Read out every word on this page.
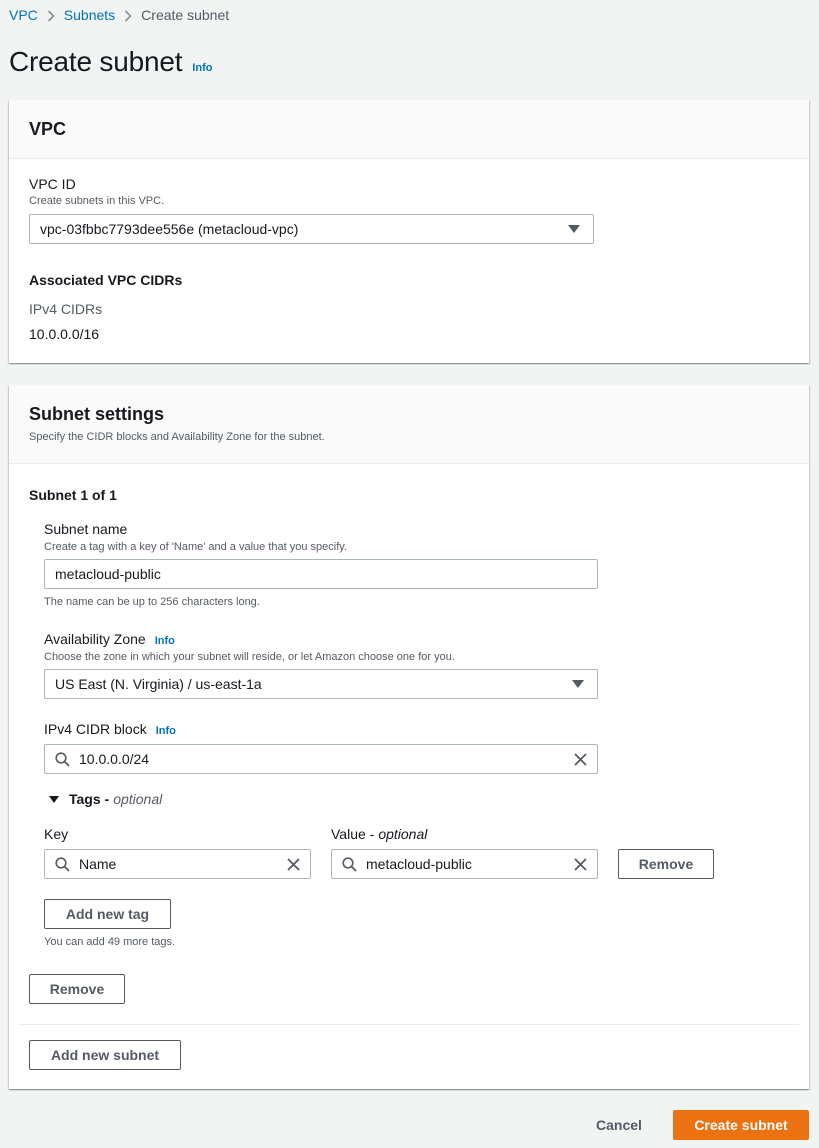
VPC Subnets Create subnet
Create subnet Info
VPC
VPC ID
Create subnets in this VPC.
vpc-03fbbc7793dee556e (metacloud-vpc)
Associated VPC CIDRs
IPv4 CIDRs
10.0.0.0/16
Subnet settings
Specify the CIDR blocks and Availability Zone for the subnet.
Subnet 1 of 1
Subnet name
Create a tag with a key of 'Name' and a value that you specify.
metacloud-public
The name can be up to 256 characters long.
Availability Zone Info
Choose the zone in which your subnet will reside, or let Amazon choose one for you.
US East (N. Virginia) / us-east-1a
IPv4 CIDR block Info
10.0.0.0/24
Tags - optional
Key	Value - optional
Name	metacloud-public	Remove
Add new tag
You can add 49 more tags.
Remove
Add new subnet
Cancel	Create subnet
